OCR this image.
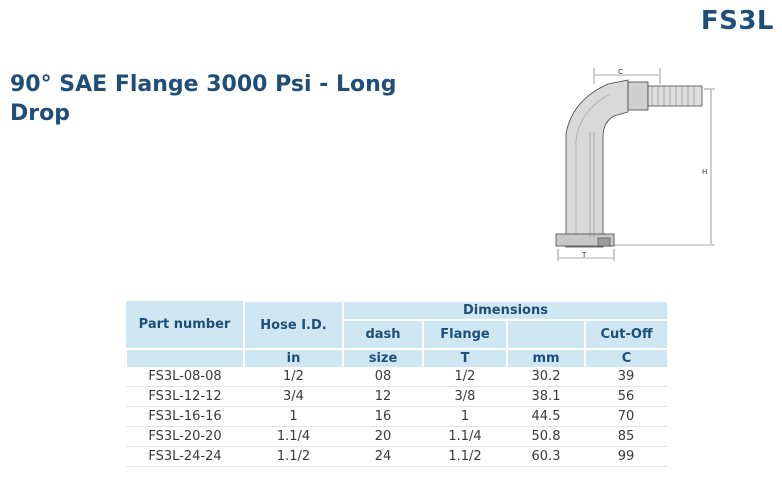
FS3L
90° SAE Flange 3000 Psi - Long Drop
C
H
T
Part number	Hose I.D.	Dimensions			
		dash	Flange		Cut-Off
	in	size	T	mm	C
FS3L-08-08	1/2	08	1/2	30.2	39
FS3L-12-12	3/4	12	3/8	38.1	56
FS3L-16-16	1	16	1	44.5	70
FS3L-20-20	1.1/4	20	1.1/4	50.8	85
FS3L-24-24	1.1/2	24	1.1/2	60.3	99
